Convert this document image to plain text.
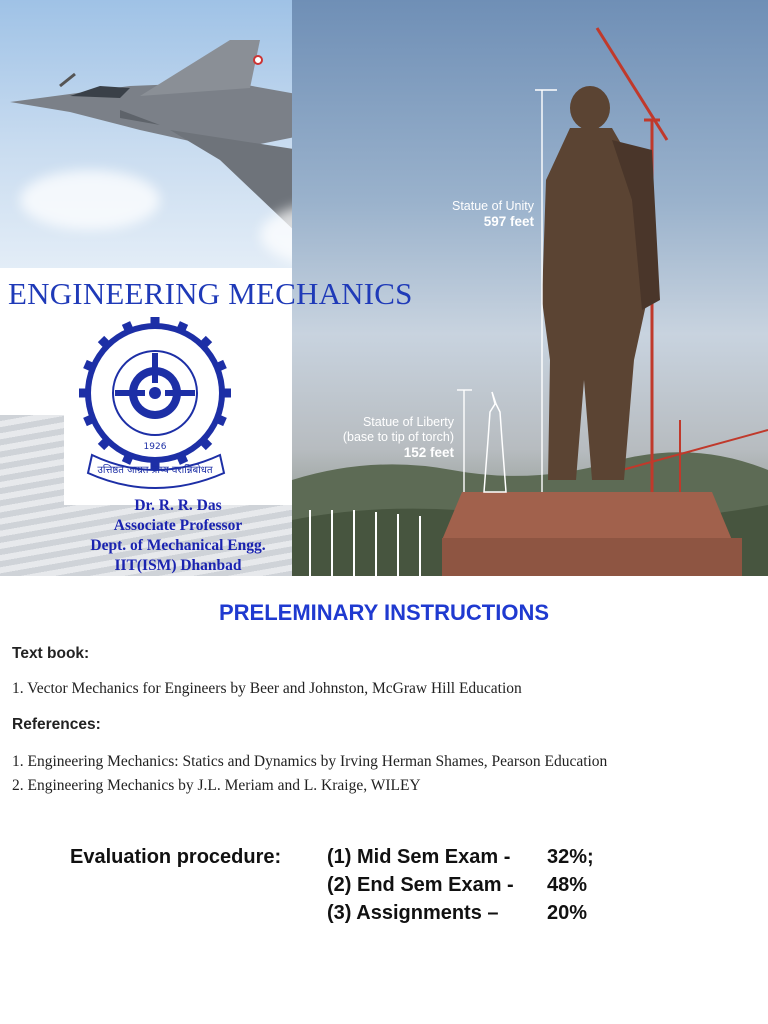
Statue of Unity
597 feet
Statue of Liberty
(base to tip of torch)
152 feet
1926
उत्तिष्ठत जाग्रत प्राप्य वरान्निबोधत
ENGINEERING MECHANICS
Dr. R. R. Das
Associate Professor
Dept. of Mechanical Engg.
IIT(ISM) Dhanbad
PRELEMINARY INSTRUCTIONS
Text book:
1. Vector Mechanics for Engineers by Beer and Johnston, McGraw Hill Education
References:
1. Engineering Mechanics: Statics and Dynamics by Irving Herman Shames, Pearson Education
2. Engineering Mechanics by J.L. Meriam and L. Kraige, WILEY
Evaluation procedure: (1) Mid Sem Exam - 32%;
(2) End Sem Exam - 48%
(3) Assignments – 20%
